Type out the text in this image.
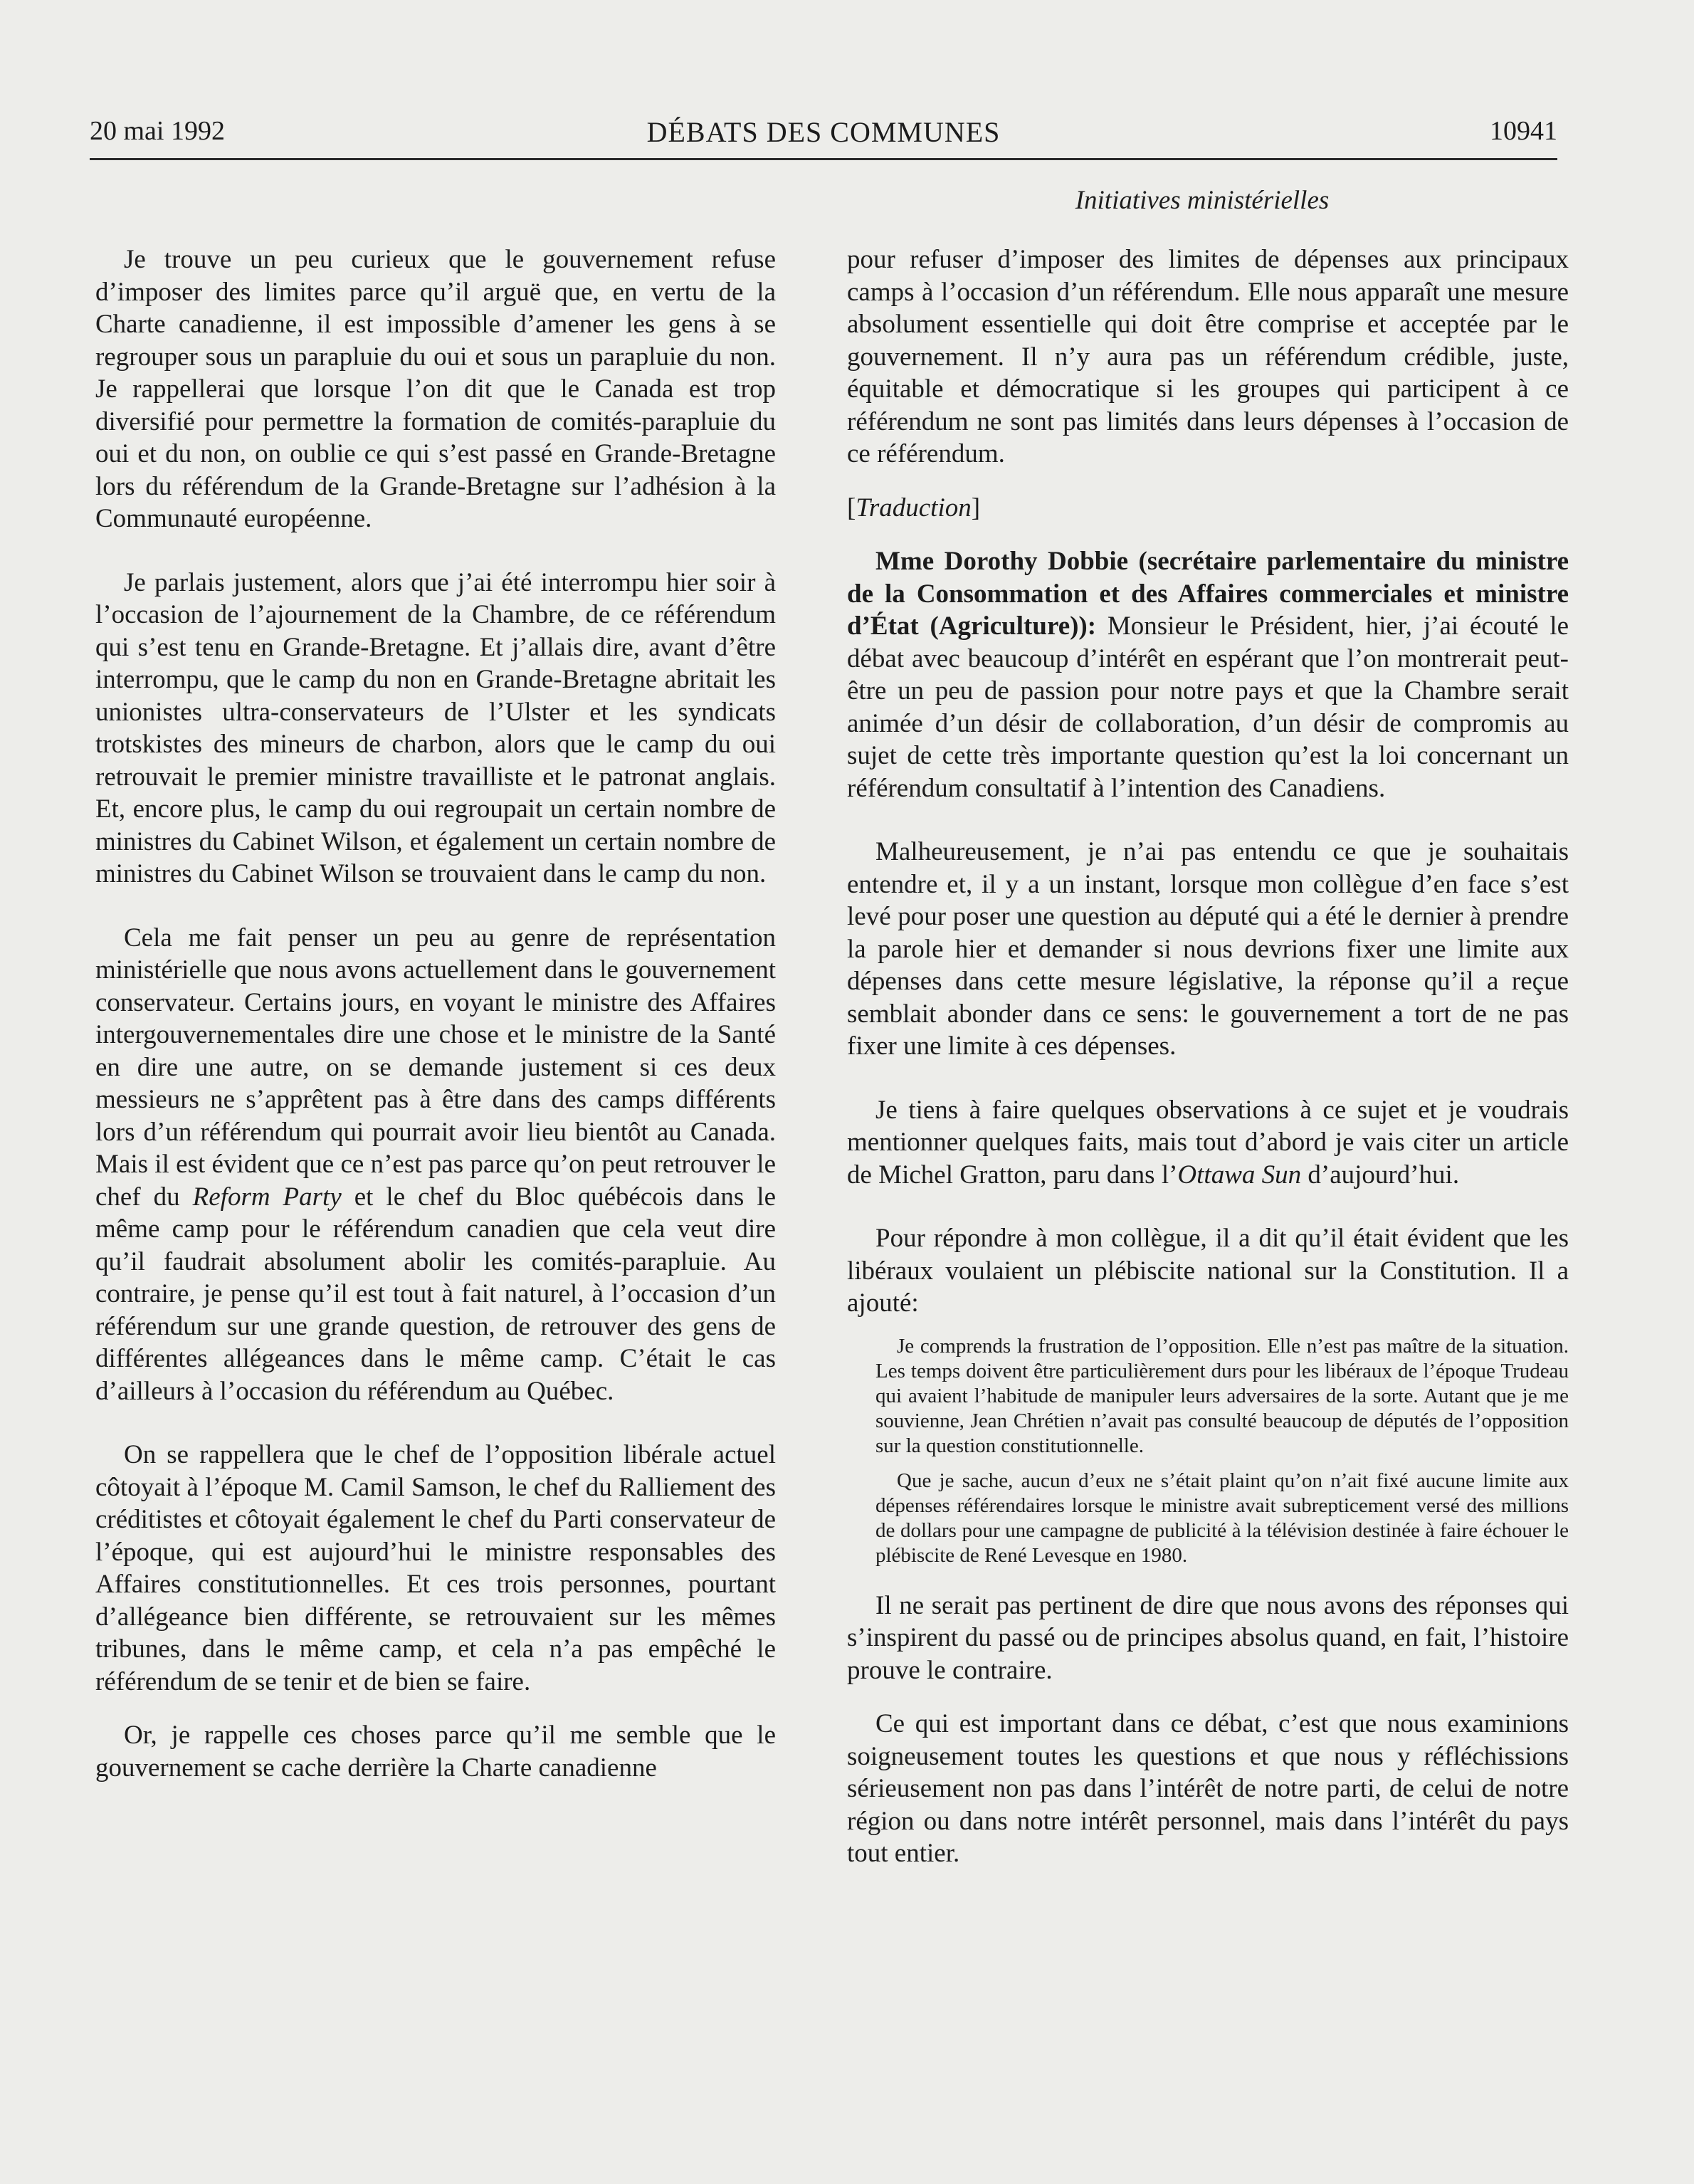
20 mai 1992	DÉBATS DES COMMUNES	10941
Initiatives ministérielles

Je trouve un peu curieux que le gouvernement refuse d’imposer des limites parce qu’il arguë que, en vertu de la Charte canadienne, il est impossible d’amener les gens à se regrouper sous un parapluie du oui et sous un parapluie du non. Je rappellerai que lorsque l’on dit que le Canada est trop diversifié pour permettre la formation de comités-parapluie du oui et du non, on oublie ce qui s’est passé en Grande-Bretagne lors du référendum de la Grande-Bretagne sur l’adhésion à la Communauté européenne.

Je parlais justement, alors que j’ai été interrompu hier soir à l’occasion de l’ajournement de la Chambre, de ce référendum qui s’est tenu en Grande-Bretagne. Et j’allais dire, avant d’être interrompu, que le camp du non en Grande-Bretagne abritait les unionistes ultra-conservateurs de l’Ulster et les syndicats trotskistes des mineurs de charbon, alors que le camp du oui retrouvait le premier ministre travailliste et le patronat anglais. Et, encore plus, le camp du oui regroupait un certain nombre de ministres du Cabinet Wilson, et également un certain nombre de ministres du Cabinet Wilson se trouvaient dans le camp du non.

Cela me fait penser un peu au genre de représentation ministérielle que nous avons actuellement dans le gouvernement conservateur. Certains jours, en voyant le ministre des Affaires intergouvernementales dire une chose et le ministre de la Santé en dire une autre, on se demande justement si ces deux messieurs ne s’apprêtent pas à être dans des camps différents lors d’un référendum qui pourrait avoir lieu bientôt au Canada. Mais il est évident que ce n’est pas parce qu’on peut retrouver le chef du Reform Party et le chef du Bloc québécois dans le même camp pour le référendum canadien que cela veut dire qu’il faudrait absolument abolir les comités-parapluie. Au contraire, je pense qu’il est tout à fait naturel, à l’occasion d’un référendum sur une grande question, de retrouver des gens de différentes allégeances dans le même camp. C’était le cas d’ailleurs à l’occasion du référendum au Québec.

On se rappellera que le chef de l’opposition libérale actuel côtoyait à l’époque M. Camil Samson, le chef du Ralliement des créditistes et côtoyait également le chef du Parti conservateur de l’époque, qui est aujourd’hui le ministre responsables des Affaires constitutionnelles. Et ces trois personnes, pourtant d’allégeance bien différente, se retrouvaient sur les mêmes tribunes, dans le même camp, et cela n’a pas empêché le référendum de se tenir et de bien se faire.

Or, je rappelle ces choses parce qu’il me semble que le gouvernement se cache derrière la Charte canadienne

pour refuser d’imposer des limites de dépenses aux principaux camps à l’occasion d’un référendum. Elle nous apparaît une mesure absolument essentielle qui doit être comprise et acceptée par le gouvernement. Il n’y aura pas un référendum crédible, juste, équitable et démocratique si les groupes qui participent à ce référendum ne sont pas limités dans leurs dépenses à l’occasion de ce référendum.

[Traduction]

Mme Dorothy Dobbie (secrétaire parlementaire du ministre de la Consommation et des Affaires commerciales et ministre d’État (Agriculture)): Monsieur le Président, hier, j’ai écouté le débat avec beaucoup d’intérêt en espérant que l’on montrerait peut-être un peu de passion pour notre pays et que la Chambre serait animée d’un désir de collaboration, d’un désir de compromis au sujet de cette très importante question qu’est la loi concernant un référendum consultatif à l’intention des Canadiens.

Malheureusement, je n’ai pas entendu ce que je souhaitais entendre et, il y a un instant, lorsque mon collègue d’en face s’est levé pour poser une question au député qui a été le dernier à prendre la parole hier et demander si nous devrions fixer une limite aux dépenses dans cette mesure législative, la réponse qu’il a reçue semblait abonder dans ce sens: le gouvernement a tort de ne pas fixer une limite à ces dépenses.

Je tiens à faire quelques observations à ce sujet et je voudrais mentionner quelques faits, mais tout d’abord je vais citer un article de Michel Gratton, paru dans l’Ottawa Sun d’aujourd’hui.

Pour répondre à mon collègue, il a dit qu’il était évident que les libéraux voulaient un plébiscite national sur la Constitution. Il a ajouté:

Je comprends la frustration de l’opposition. Elle n’est pas maître de la situation. Les temps doivent être particulièrement durs pour les libéraux de l’époque Trudeau qui avaient l’habitude de manipuler leurs adversaires de la sorte. Autant que je me souvienne, Jean Chrétien n’avait pas consulté beaucoup de députés de l’opposition sur la question constitutionnelle.

Que je sache, aucun d’eux ne s’était plaint qu’on n’ait fixé aucune limite aux dépenses référendaires lorsque le ministre avait subrepticement versé des millions de dollars pour une campagne de publicité à la télévision destinée à faire échouer le plébiscite de René Levesque en 1980.

Il ne serait pas pertinent de dire que nous avons des réponses qui s’inspirent du passé ou de principes absolus quand, en fait, l’histoire prouve le contraire.

Ce qui est important dans ce débat, c’est que nous examinions soigneusement toutes les questions et que nous y réfléchissions sérieusement non pas dans l’intérêt de notre parti, de celui de notre région ou dans notre intérêt personnel, mais dans l’intérêt du pays tout entier.
